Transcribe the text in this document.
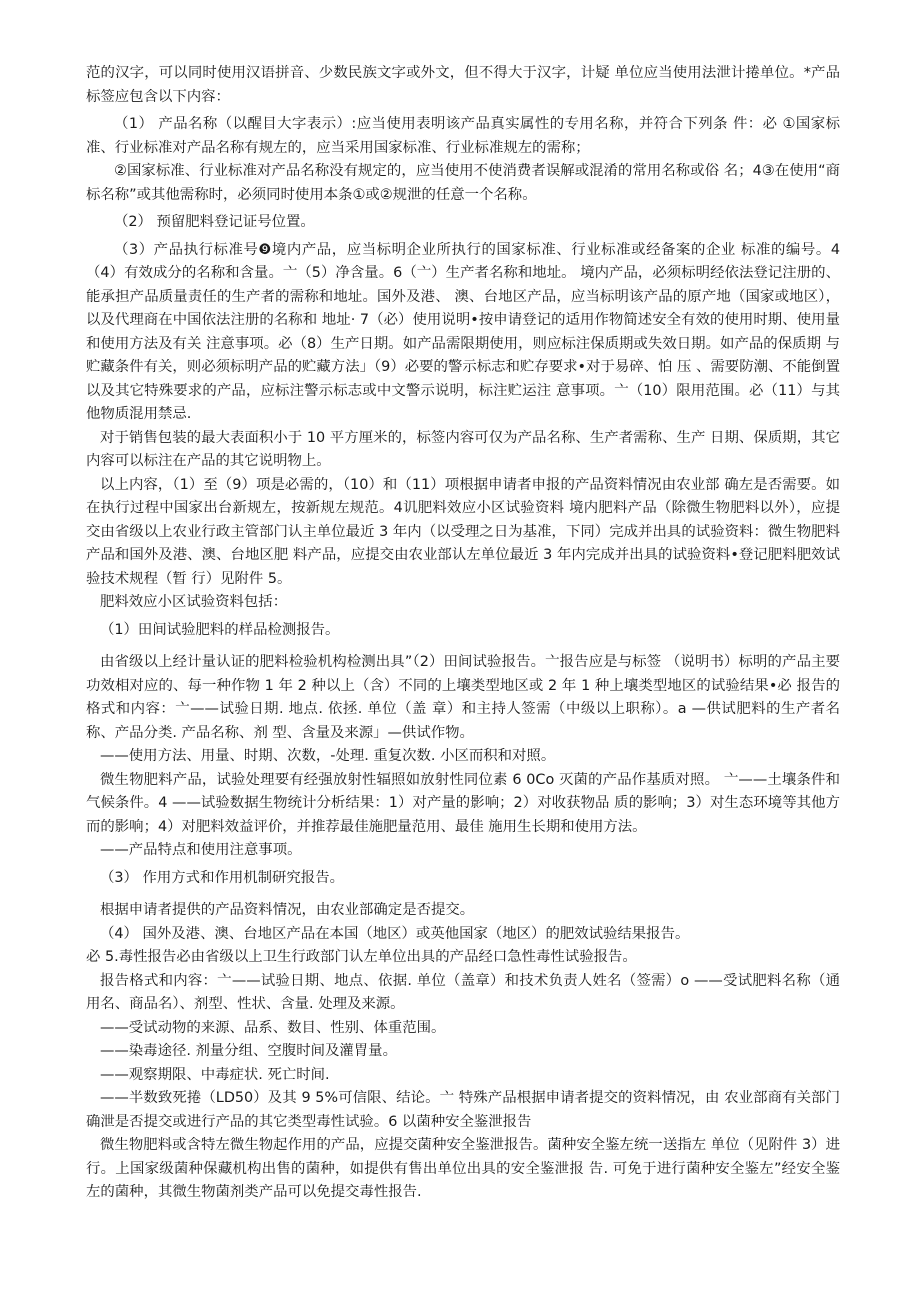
范的汉字，可以同时使用汉语拼音、少数民族文字或外文，但不得大于汉字，计疑 单位应当使用法泄计捲单位。*产品标签应包含以下内容：

（1） 产品名称（以醒目大字表示）:应当使用表明该产品真实属性的专用名称，并符合下列条 件：必 ①国家标准、行业标准对产品名称有规左的，应当采用国家标准、行业标准规左的需称；

②国家标准、行业标准对产品名称没有规定的，应当使用不使消费者误解或混淆的常用名称或俗 名；4③在使用“商标名称”或其他需称时，必须同时使用本条①或②规泄的任意一个名称。

（2） 预留肥料登记证号位置。

（3）产品执行标准号❾境内产品，应当标明企业所执行的国家标准、行业标准或经备案的企业 标准的编号。4（4）有效成分的名称和含量。亠（5）净含量。6（亠）生产者名称和地址。 境内产品，必须标明经依法登记注册的、能承担产品质量责任的生产者的需称和地址。国外及港、 澳、台地区产品，应当标明该产品的原产地（国家或地区），以及代理商在中国依法注册的名称和 地址· 7（必）使用说明•按申请登记的适用作物简述安全有效的使用时期、使用量和使用方法及有关 注意事项。必（8）生产日期。如产品需限期使用，则应标注保质期或失效日期。如产品的保质期 与贮藏条件有关，则必须标明产品的贮藏方法」（9）必要的警示标志和贮存要求•对于易碎、怕 压 、需要防潮、不能倒置以及其它特殊要求的产品，应标注警示标志或中文警示说明，标注贮运注 意事项。亠（10）限用范围。必（11）与其他物质混用禁忌.

对于销售包装的最大表面积小于 10 平方厘米的，标签内容可仅为产品名称、生产者需称、生产 日期、保质期，其它内容可以标注在产品的其它说明物上。

以上内容，（1）至（9）项是必需的，（10）和（11）项根据申请者申报的产品资料情况由农业部 确左是否需要。如在执行过程中国家出台新规左，按新规左规范。4讥肥料效应小区试验资料 境内肥料产品（除微生物肥料以外），应提交由省级以上农业行政主管部门认主单位最近 3 年内（以受理之日为基准，下同）完成并出具的试验资料：微生物肥料产品和国外及港、澳、台地区肥 料产品，应提交由农业部认左单位最近 3 年内完成并出具的试验资料•登记肥料肥效试验技术规程（暂 行）见附件 5。

肥料效应小区试验资料包括：

（1）田间试验肥料的样品检测报告。

由省级以上经计量认证的肥料检验机构检测出具”（2）田间试验报告。亠报告应是与标签 （说明书）标明的产品主要功效相对应的、每一种作物 1 年 2 种以上（含）不同的上壤类型地区或 2 年 1 种上壤类型地区的试验结果•必 报告的格式和内容：亠——试验日期. 地点. 依拯. 单位（盖 章）和主持人签需（中级以上职称）。a —供试肥料的生产者名称、产品分类. 产品名称、剂 型、含量及来源」—供试作物。

——使用方法、用量、时期、次数，-处理. 重复次数. 小区而积和对照。

微生物肥料产品，试验处理要有经强放射性辐照如放射性同位素 6 0Co 灭菌的产品作基质对照。 亠——土壤条件和气候条件。4 ——试验数据生物统计分析结果：1）对产量的影响；2）对收获物品 质的影响；3）对生态环境等其他方而的影响；4）对肥料效益评价，并推荐最佳施肥量范用、最佳 施用生长期和使用方法。

——产品特点和使用注意事项。

（3） 作用方式和作用机制研究报告。

根据申请者提供的产品资料情况，由农业部确定是否提交。

（4） 国外及港、澳、台地区产品在本国（地区）或英他国家（地区）的肥效试验结果报告。

必 5.毒性报告必由省级以上卫生行政部门认左单位出具的产品经口急性毒性试验报告。

报告格式和内容：亠——试验日期、地点、依据. 单位（盖章）和技术负责人姓名（签需）o ——受试肥料名称（通用名、商品名）、剂型、性状、含量. 处理及来源。

——受试动物的来源、品系、数目、性别、体重范围。

——染毒途径. 剂量分组、空腹时间及灌胃量。

——观察期限、中毒症状. 死亡时间.

——半数致死捲（LD50）及其 9 5%可信限、结论。亠 特殊产品根据申请者提交的资料情况，由 农业部商有关部门确泄是否提交或进行产品的其它类型毒性试验。6 以菌种安全鉴泄报告

微生物肥料或含特左微生物起作用的产品，应提交菌种安全鉴泄报告。菌种安全鉴左统一送指左 单位（见附件 3）进行。上国家级菌种保藏机构出售的菌种，如提供有售出单位出具的安全鉴泄报 告. 可免于进行菌种安全鉴左”经安全鉴左的菌种，其微生物菌剂类产品可以免提交毒性报告.
